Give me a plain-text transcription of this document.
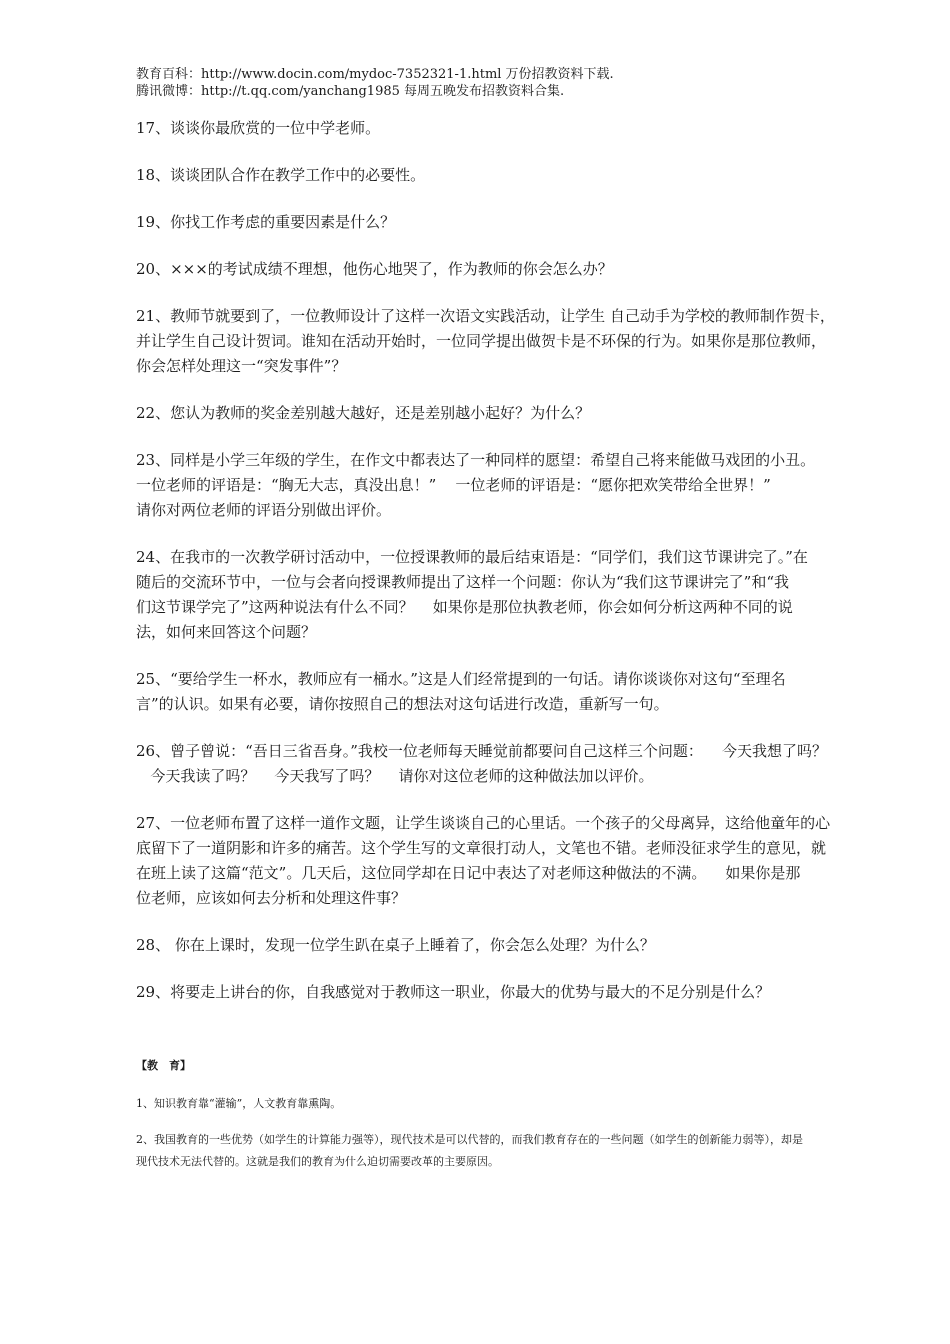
教育百科：http://www.docin.com/mydoc-7352321-1.html 万份招教资料下载.

腾讯微博：http://t.qq.com/yanchang1985 每周五晚发布招教资料合集.

17、谈谈你最欣赏的一位中学老师。

18、谈谈团队合作在教学工作中的必要性。

19、你找工作考虑的重要因素是什么？

20、×××的考试成绩不理想，他伤心地哭了，作为教师的你会怎么办？

21、教师节就要到了，一位教师设计了这样一次语文实践活动，让学生 自己动手为学校的教师制作贺卡，
并让学生自己设计贺词。谁知在活动开始时，一位同学提出做贺卡是不环保的行为。如果你是那位教师，
你会怎样处理这一“突发事件”？

22、您认为教师的奖金差别越大越好，还是差别越小起好？为什么？

23、同样是小学三年级的学生，在作文中都表达了一种同样的愿望：希望自己将来能做马戏团的小丑。
一位老师的评语是：“胸无大志，真没出息！”    一位老师的评语是：“愿你把欢笑带给全世界！”
请你对两位老师的评语分别做出评价。

24、在我市的一次教学研讨活动中，一位授课教师的最后结束语是：“同学们，我们这节课讲完了。”在
随后的交流环节中，一位与会者向授课教师提出了这样一个问题：你认为“我们这节课讲完了”和“我
们这节课学完了”这两种说法有什么不同？    如果你是那位执教老师，你会如何分析这两种不同的说
法，如何来回答这个问题？

25、“要给学生一杯水，教师应有一桶水。”这是人们经常提到的一句话。请你谈谈你对这句“至理名
言”的认识。如果有必要，请你按照自己的想法对这句话进行改造，重新写一句。

26、曾子曾说：“吾日三省吾身。”我校一位老师每天睡觉前都要问自己这样三个问题：    今天我想了吗？
今天我读了吗？    今天我写了吗？    请你对这位老师的这种做法加以评价。

27、一位老师布置了这样一道作文题，让学生谈谈自己的心里话。一个孩子的父母离异，这给他童年的心
底留下了一道阴影和许多的痛苦。这个学生写的文章很打动人，文笔也不错。老师没征求学生的意见，就
在班上读了这篇“范文”。几天后，这位同学却在日记中表达了对老师这种做法的不满。    如果你是那
位老师，应该如何去分析和处理这件事？

28、 你在上课时，发现一位学生趴在桌子上睡着了，你会怎么处理？为什么？

29、将要走上讲台的你，自我感觉对于教师这一职业，你最大的优势与最大的不足分别是什么？

【教　育】

1、知识教育靠“灌输”，人文教育靠熏陶。

2、我国教育的一些优势（如学生的计算能力强等），现代技术是可以代替的，而我们教育存在的一些问题（如学生的创新能力弱等），却是
现代技术无法代替的。这就是我们的教育为什么迫切需要改革的主要原因。
